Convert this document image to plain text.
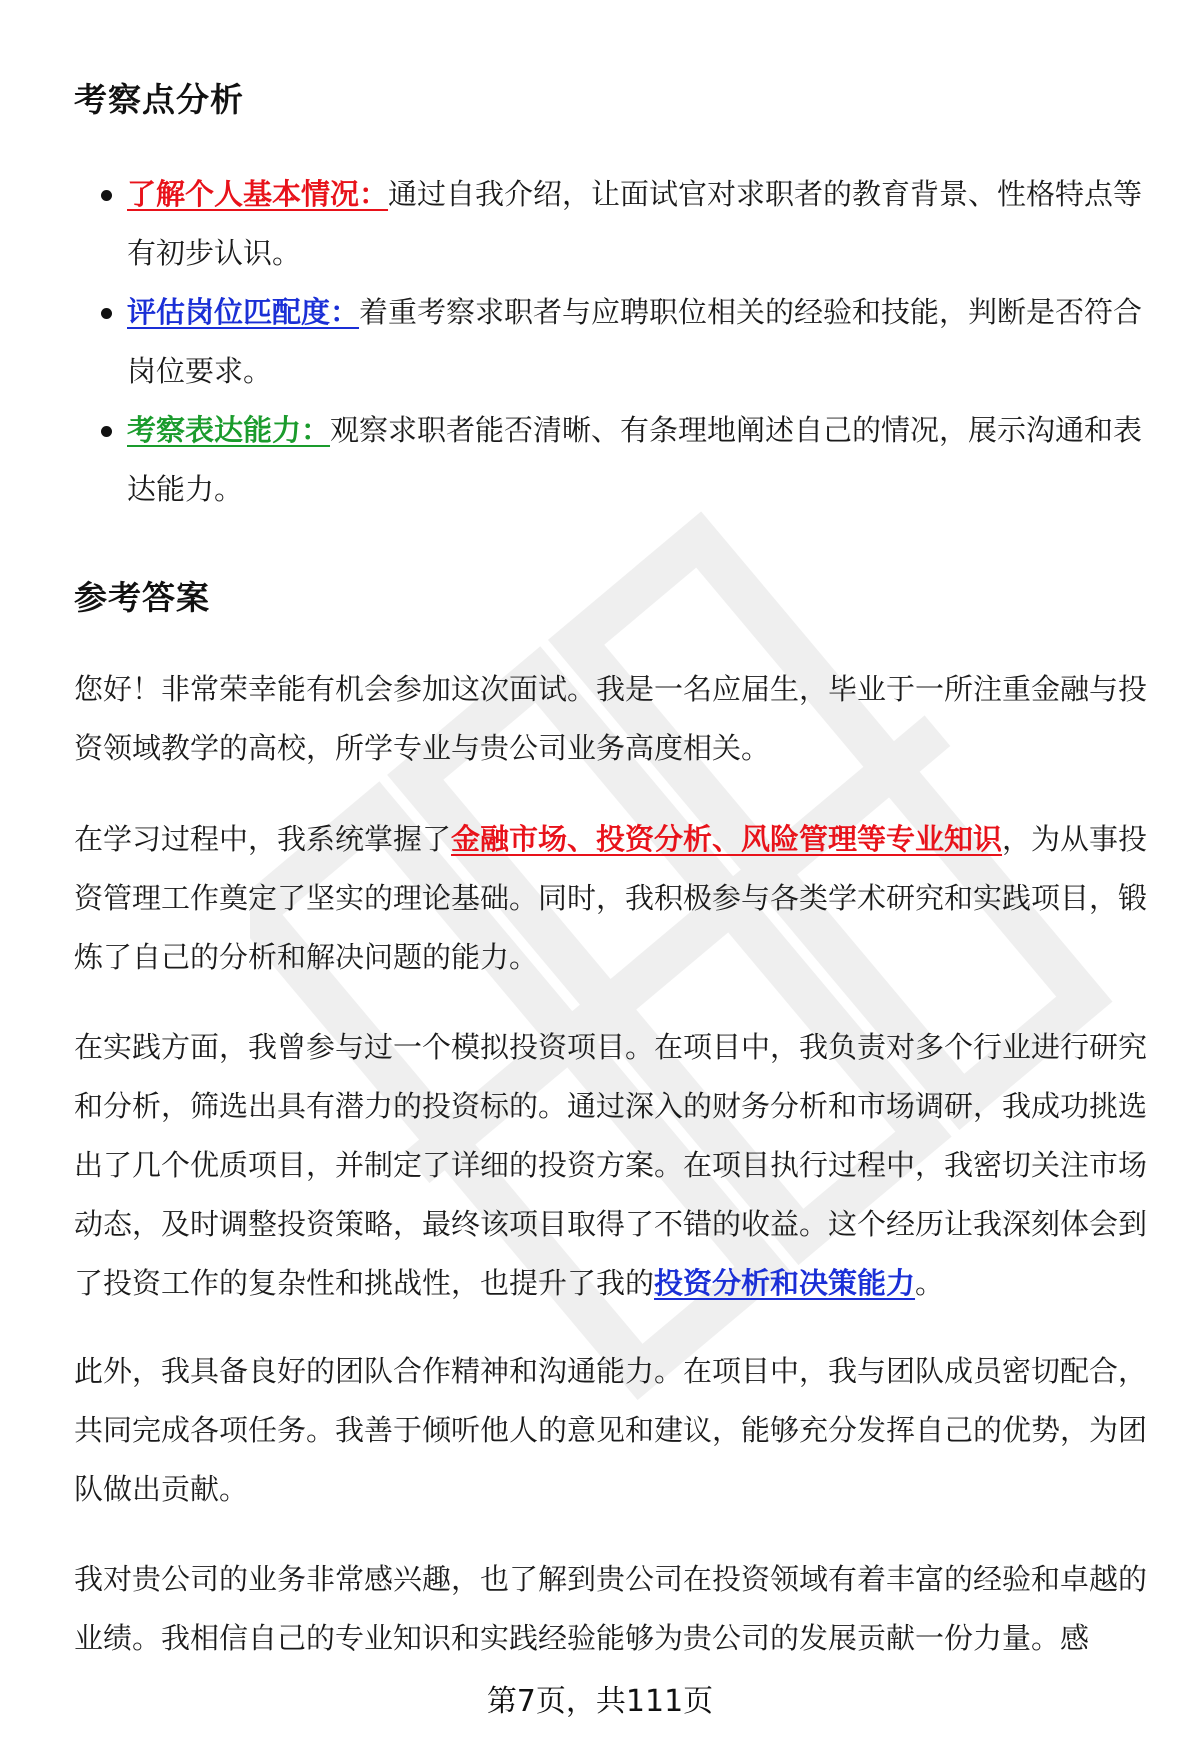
考察点分析
了解个人基本情况：通过自我介绍，让面试官对求职者的教育背景、性格特点等有初步认识。
评估岗位匹配度：着重考察求职者与应聘职位相关的经验和技能，判断是否符合岗位要求。
考察表达能力：观察求职者能否清晰、有条理地阐述自己的情况，展示沟通和表达能力。
参考答案

您好！非常荣幸能有机会参加这次面试。我是一名应届生，毕业于一所注重金融与投资领域教学的高校，所学专业与贵公司业务高度相关。

在学习过程中，我系统掌握了金融市场、投资分析、风险管理等专业知识，为从事投资管理工作奠定了坚实的理论基础。同时，我积极参与各类学术研究和实践项目，锻炼了自己的分析和解决问题的能力。

在实践方面，我曾参与过一个模拟投资项目。在项目中，我负责对多个行业进行研究和分析，筛选出具有潜力的投资标的。通过深入的财务分析和市场调研，我成功挑选出了几个优质项目，并制定了详细的投资方案。在项目执行过程中，我密切关注市场动态，及时调整投资策略，最终该项目取得了不错的收益。这个经历让我深刻体会到了投资工作的复杂性和挑战性，也提升了我的投资分析和决策能力。

此外，我具备良好的团队合作精神和沟通能力。在项目中，我与团队成员密切配合，共同完成各项任务。我善于倾听他人的意见和建议，能够充分发挥自己的优势，为团队做出贡献。

我对贵公司的业务非常感兴趣，也了解到贵公司在投资领域有着丰富的经验和卓越的业绩。我相信自己的专业知识和实践经验能够为贵公司的发展贡献一份力量。感

第7页，共111页
